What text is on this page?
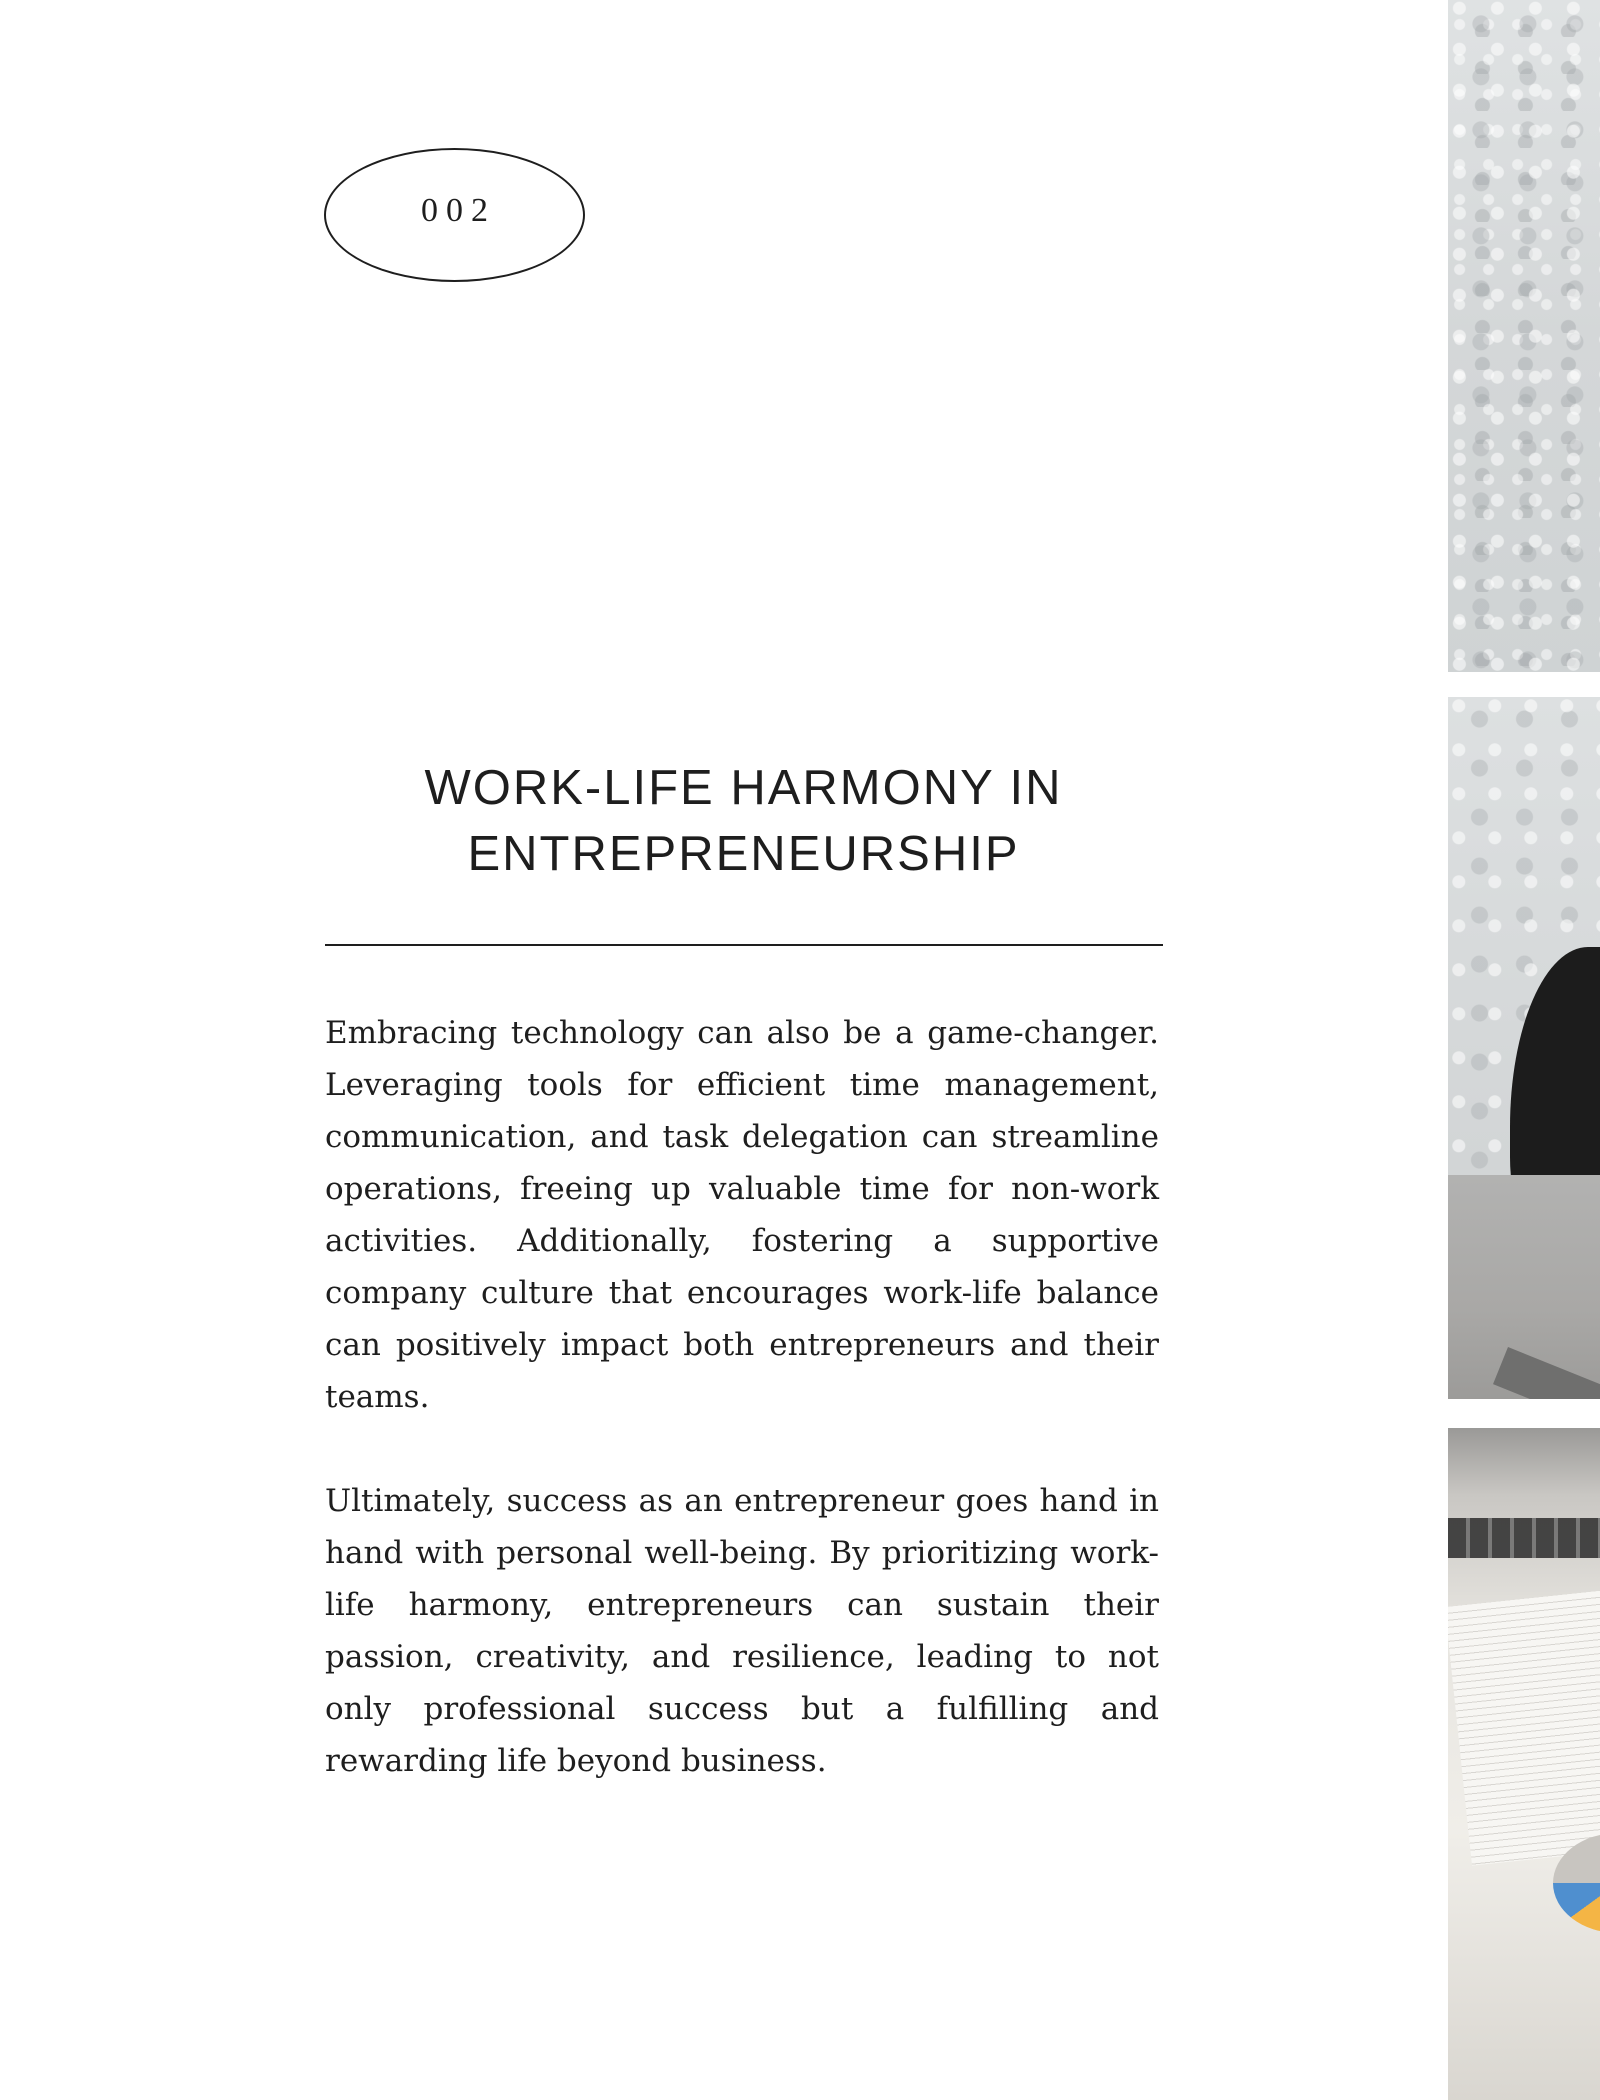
002
WORK-LIFE HARMONY IN ENTREPRENEURSHIP

Embracing technology can also be a game-changer. Leveraging tools for efficient time management, communication, and task delegation can streamline operations, freeing up valuable time for non-work activities. Additionally, fostering a supportive company culture that encourages work-life balance can positively impact both entrepreneurs and their teams.

Ultimately, success as an entrepreneur goes hand in hand with personal well-being. By prioritizing work-life harmony, entrepreneurs can sustain their passion, creativity, and resilience, leading to not only professional success but a fulfilling and rewarding life beyond business.
